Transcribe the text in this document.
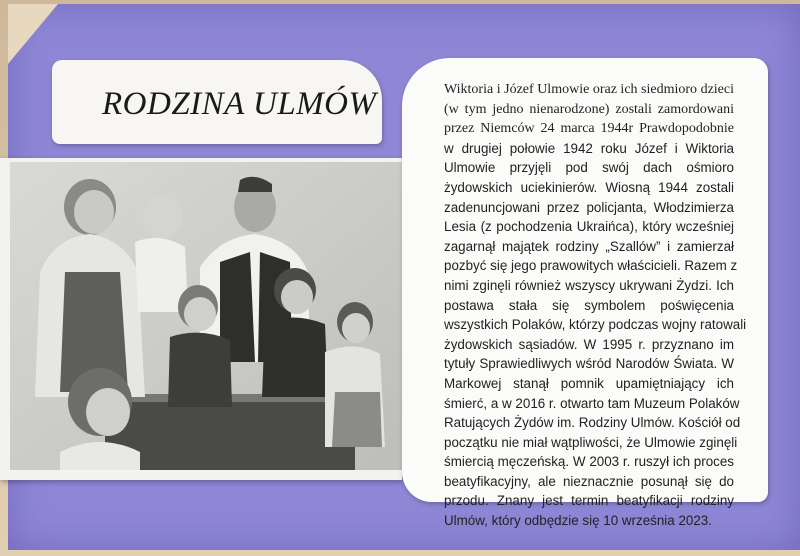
RODZINA ULMÓW	Wiktoria i Józef Ulmowie oraz ich siedmioro dzieci
(w tym jedno nienarodzone) zostali zamordowani
przez Niemców 24 marca 1944r Prawdopodobnie
w drugiej połowie 1942 roku Józef i Wiktoria
Ulmowie przyjęli pod swój dach ośmioro
żydowskich uciekinierów. Wiosną 1944 zostali
zadenuncjowani przez policjanta, Włodzimierza
Lesia (z pochodzenia Ukraińca), który wcześniej
zagarnął majątek rodziny „Szallów” i zamierzał
pozbyć się jego prawowitych właścicieli. Razem z
nimi zginęli również wszyscy ukrywani Żydzi. Ich
postawa stała się symbolem poświęcenia
wszystkich Polaków, którzy podczas wojny ratowali
żydowskich sąsiadów. W 1995 r. przyznano im
tytuły Sprawiedliwych wśród Narodów Świata. W
Markowej stanął pomnik upamiętniający ich
śmierć, a w 2016 r. otwarto tam Muzeum Polaków
Ratujących Żydów im. Rodziny Ulmów. Kościół od
początku nie miał wątpliwości, że Ulmowie zginęli
śmiercią męczeńską. W 2003 r. ruszył ich proces
beatyfikacyjny, ale nieznacznie posunął się do
przodu. Znany jest termin beatyfikacji rodziny
Ulmów, który odbędzie się 10 września 2023.
